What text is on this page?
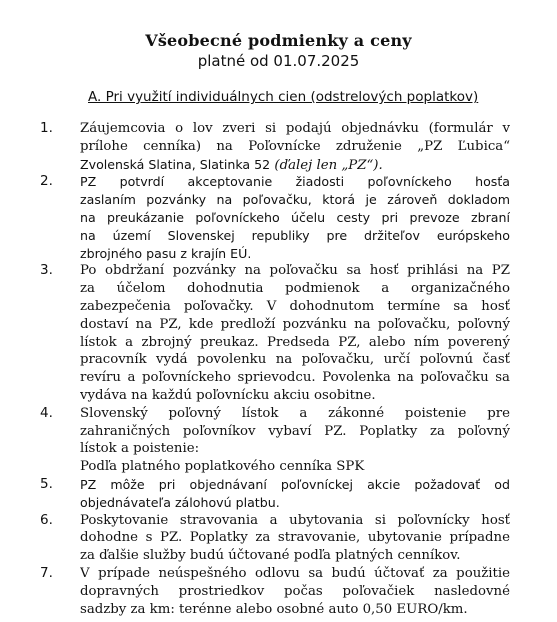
Všeobecné podmienky a ceny
platné od 01.07.2025
A. Pri využití individuálnych cien (odstrelových poplatkov)
1. Záujemcovia o lov zveri si podajú objednávku (formulár v
prílohe cenníka) na Poľovnícke združenie „PZ Ľubica“
Zvolenská Slatina, Slatinka 52 (ďalej len „PZ“).
2. PZ potvrdí akceptovanie žiadosti poľovníckeho hosťa
zaslaním pozvánky na poľovačku, ktorá je zároveň dokladom
na preukázanie poľovníckeho účelu cesty pri prevoze zbraní
na území Slovenskej republiky pre držiteľov európskeho
zbrojného pasu z krajín EÚ.
3. Po obdržaní pozvánky na poľovačku sa hosť prihlási na PZ
za účelom dohodnutia podmienok a organizačného
zabezpečenia poľovačky. V dohodnutom termíne sa hosť
dostaví na PZ, kde predloží pozvánku na poľovačku, poľovný
lístok a zbrojný preukaz. Predseda PZ, alebo ním poverený
pracovník vydá povolenku na poľovačku, určí poľovnú časť
revíru a poľovníckeho sprievodcu. Povolenka na poľovačku sa
vydáva na každú poľovnícku akciu osobitne.
4. Slovenský poľovný lístok a zákonné poistenie pre
zahraničných poľovníkov vybaví PZ. Poplatky za poľovný
lístok a poistenie:
Podľa platného poplatkového cenníka SPK
5. PZ môže pri objednávaní poľovníckej akcie požadovať od
objednávateľa zálohovú platbu.
6. Poskytovanie stravovania a ubytovania si poľovnícky hosť
dohodne s PZ. Poplatky za stravovanie, ubytovanie prípadne
za ďalšie služby budú účtované podľa platných cenníkov.
7. V prípade neúspešného odlovu sa budú účtovať za použitie
dopravných prostriedkov počas poľovačiek nasledovné
sadzby za km: terénne alebo osobné auto 0,50 EURO/km.
